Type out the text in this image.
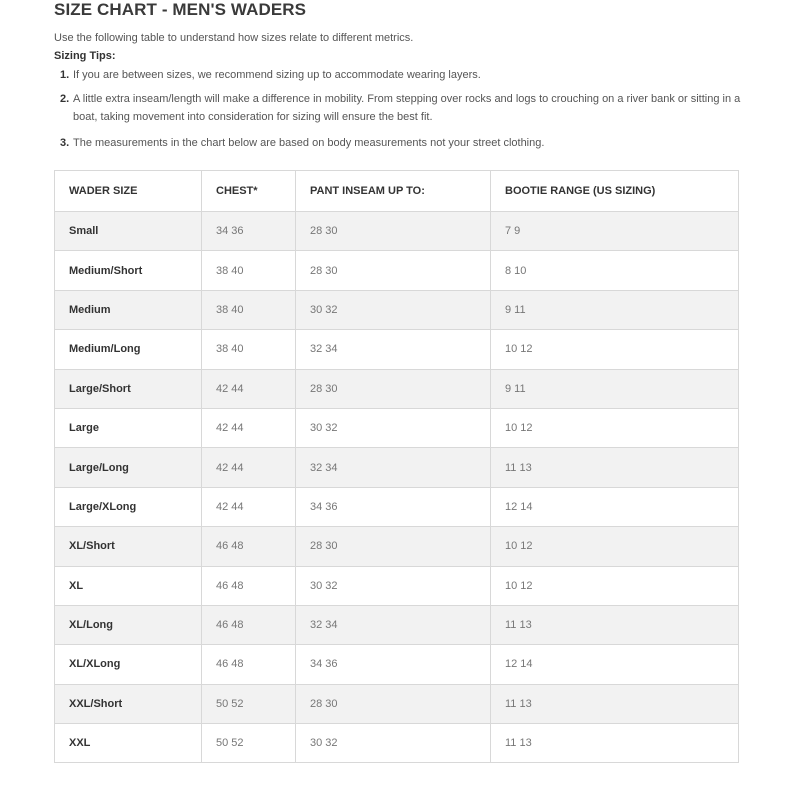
SIZE CHART - MEN'S WADERS
Use the following table to understand how sizes relate to different metrics.
Sizing Tips:
1. If you are between sizes, we recommend sizing up to accommodate wearing layers.
2. A little extra inseam/length will make a difference in mobility. From stepping over rocks and logs to crouching on a river bank or sitting in a boat, taking movement into consideration for sizing will ensure the best fit.
3. The measurements in the chart below are based on body measurements not your street clothing.
WADER SIZE	CHEST*	PANT INSEAM UP TO:	BOOTIE RANGE (US SIZING)
Small	34 36	28 30	7 9
Medium/Short	38 40	28 30	8 10
Medium	38 40	30 32	9 11
Medium/Long	38 40	32 34	10 12
Large/Short	42 44	28 30	9 11
Large	42 44	30 32	10 12
Large/Long	42 44	32 34	11 13
Large/XLong	42 44	34 36	12 14
XL/Short	46 48	28 30	10 12
XL	46 48	30 32	10 12
XL/Long	46 48	32 34	11 13
XL/XLong	46 48	34 36	12 14
XXL/Short	50 52	28 30	11 13
XXL	50 52	30 32	11 13
